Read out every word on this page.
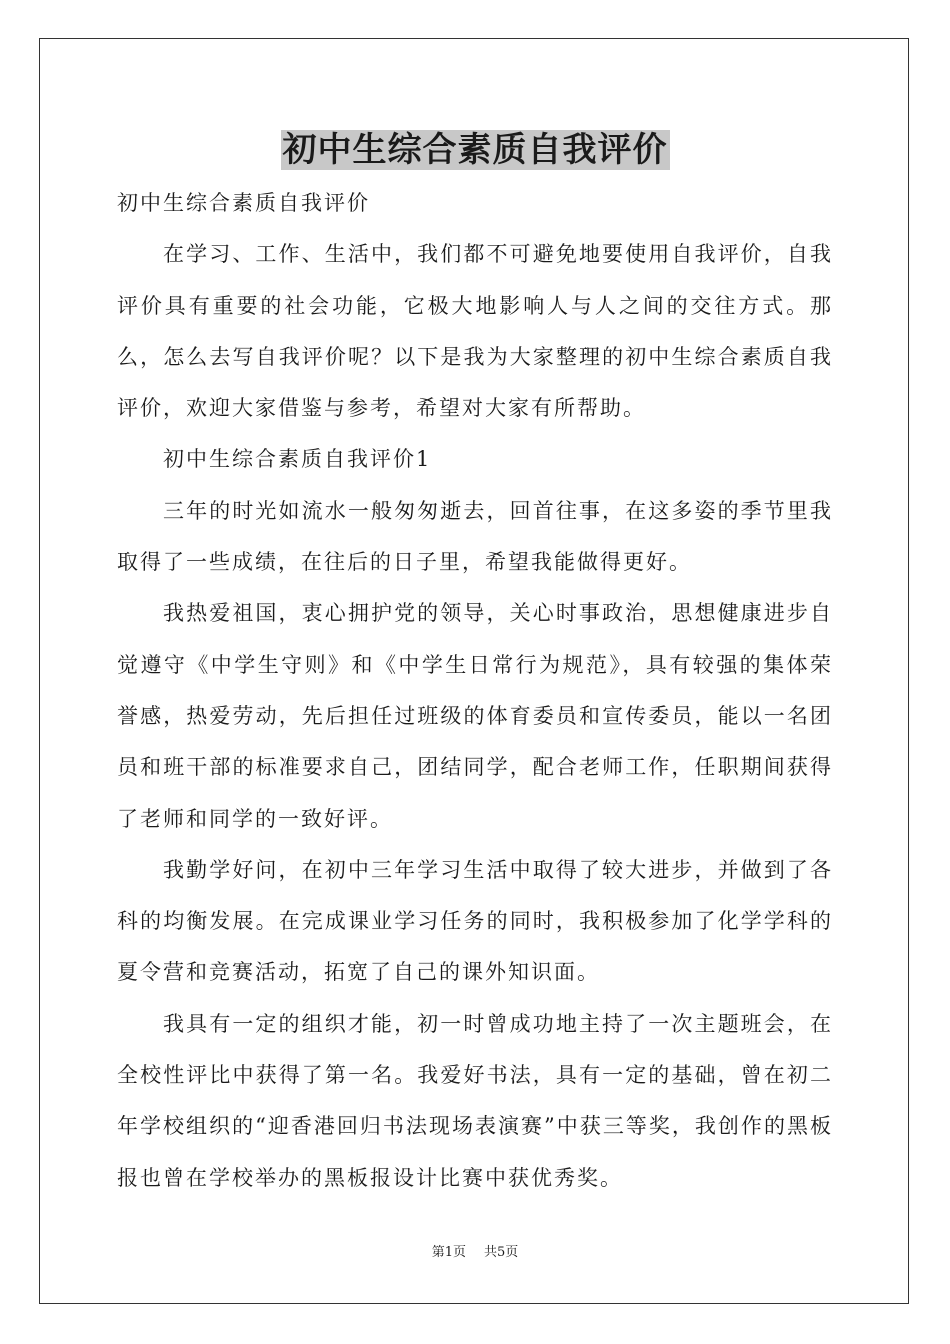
初中生综合素质自我评价

初中生综合素质自我评价

在学习、工作、生活中，我们都不可避免地要使用自我评价，自我评价具有重要的社会功能，它极大地影响人与人之间的交往方式。那么，怎么去写自我评价呢？以下是我为大家整理的初中生综合素质自我评价，欢迎大家借鉴与参考，希望对大家有所帮助。

初中生综合素质自我评价1

三年的时光如流水一般匆匆逝去，回首往事，在这多姿的季节里我取得了一些成绩，在往后的日子里，希望我能做得更好。

我热爱祖国，衷心拥护党的领导，关心时事政治，思想健康进步自觉遵守《中学生守则》和《中学生日常行为规范》，具有较强的集体荣誉感，热爱劳动，先后担任过班级的体育委员和宣传委员，能以一名团员和班干部的标准要求自己，团结同学，配合老师工作，任职期间获得了老师和同学的一致好评。

我勤学好问，在初中三年学习生活中取得了较大进步，并做到了各科的均衡发展。在完成课业学习任务的同时，我积极参加了化学学科的夏令营和竞赛活动，拓宽了自己的课外知识面。

我具有一定的组织才能，初一时曾成功地主持了一次主题班会，在全校性评比中获得了第一名。我爱好书法，具有一定的基础，曾在初二年学校组织的“迎香港回归书法现场表演赛”中获三等奖，我创作的黑板报也曾在学校举办的黑板报设计比赛中获优秀奖。

第1页 共5页
